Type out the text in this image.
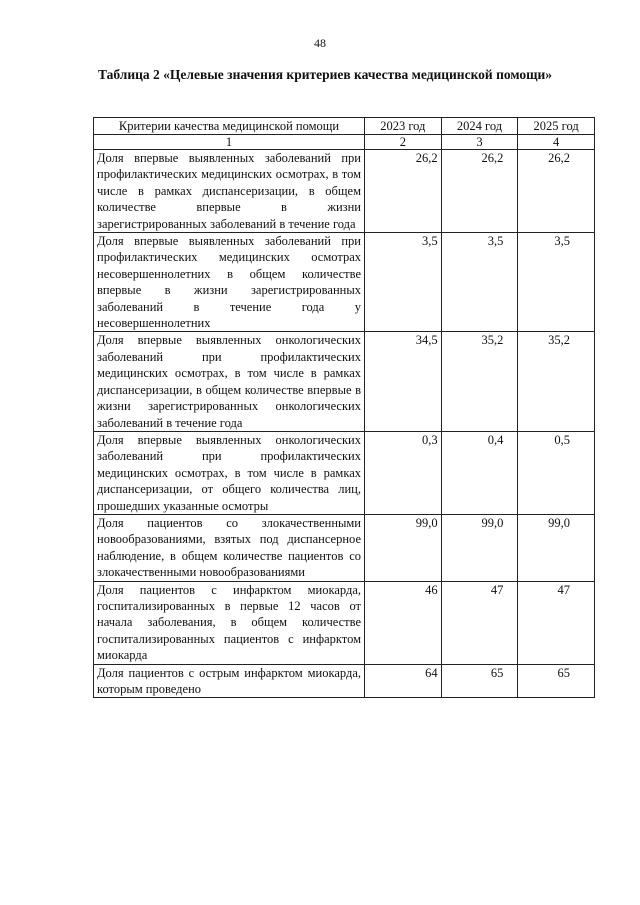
48
Таблица 2 «Целевые значения критериев качества медицинской помощи»
Критерии качества медицинской помощи	2023 год	2024 год	2025 год
1	2	3	4
Доля впервые выявленных заболеваний при профилактических медицинских осмотрах, в том числе в рамках диспансеризации, в общем количестве впервые в жизни зарегистрированных заболеваний в течение года	26,2	26,2	26,2
Доля впервые выявленных заболеваний при профилактических медицинских осмотрах несовершеннолетних в общем количестве впервые в жизни зарегистрированных заболеваний в течение года у несовершеннолетних	3,5	3,5	3,5
Доля впервые выявленных онкологических заболеваний при профилактических медицинских осмотрах, в том числе в рамках диспансеризации, в общем количестве впервые в жизни зарегистрированных онкологических заболеваний в течение года	34,5	35,2	35,2
Доля впервые выявленных онкологических заболеваний при профилактических медицинских осмотрах, в том числе в рамках диспансеризации, от общего количества лиц, прошедших указанные осмотры	0,3	0,4	0,5
Доля пациентов со злокачественными новообразованиями, взятых под диспансерное наблюдение, в общем количестве пациентов со злокачественными новообразованиями	99,0	99,0	99,0
Доля пациентов с инфарктом миокарда, госпитализированных в первые 12 часов от начала заболевания, в общем количестве госпитализированных пациентов с инфарктом миокарда	46	47	47
Доля пациентов с острым инфарктом миокарда, которым проведено	64	65	65
